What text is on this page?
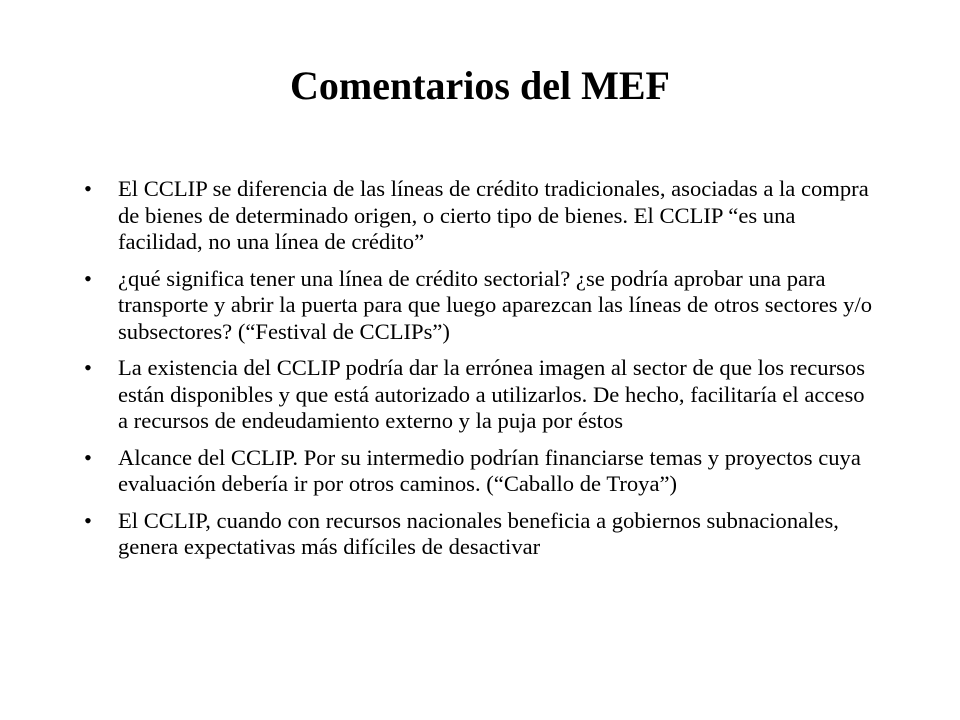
Comentarios del MEF
•	El CCLIP se diferencia de las líneas de crédito tradicionales, asociadas a la compra de bienes de determinado origen, o cierto tipo de bienes. El CCLIP “es una facilidad, no una línea de crédito”
•	¿qué significa tener una línea de crédito sectorial? ¿se podría aprobar una para transporte y abrir la puerta para que luego aparezcan las líneas de otros sectores y/o subsectores? (“Festival de CCLIPs”)
•	La existencia del CCLIP podría dar la errónea imagen al sector de que los recursos están disponibles y que está autorizado a utilizarlos. De hecho, facilitaría el acceso a recursos de endeudamiento externo y la puja por éstos
•	Alcance del CCLIP. Por su intermedio podrían financiarse temas y proyectos cuya evaluación debería ir por otros caminos. (“Caballo de Troya”)
•	El CCLIP, cuando con recursos nacionales beneficia a gobiernos subnacionales, genera expectativas más difíciles de desactivar
